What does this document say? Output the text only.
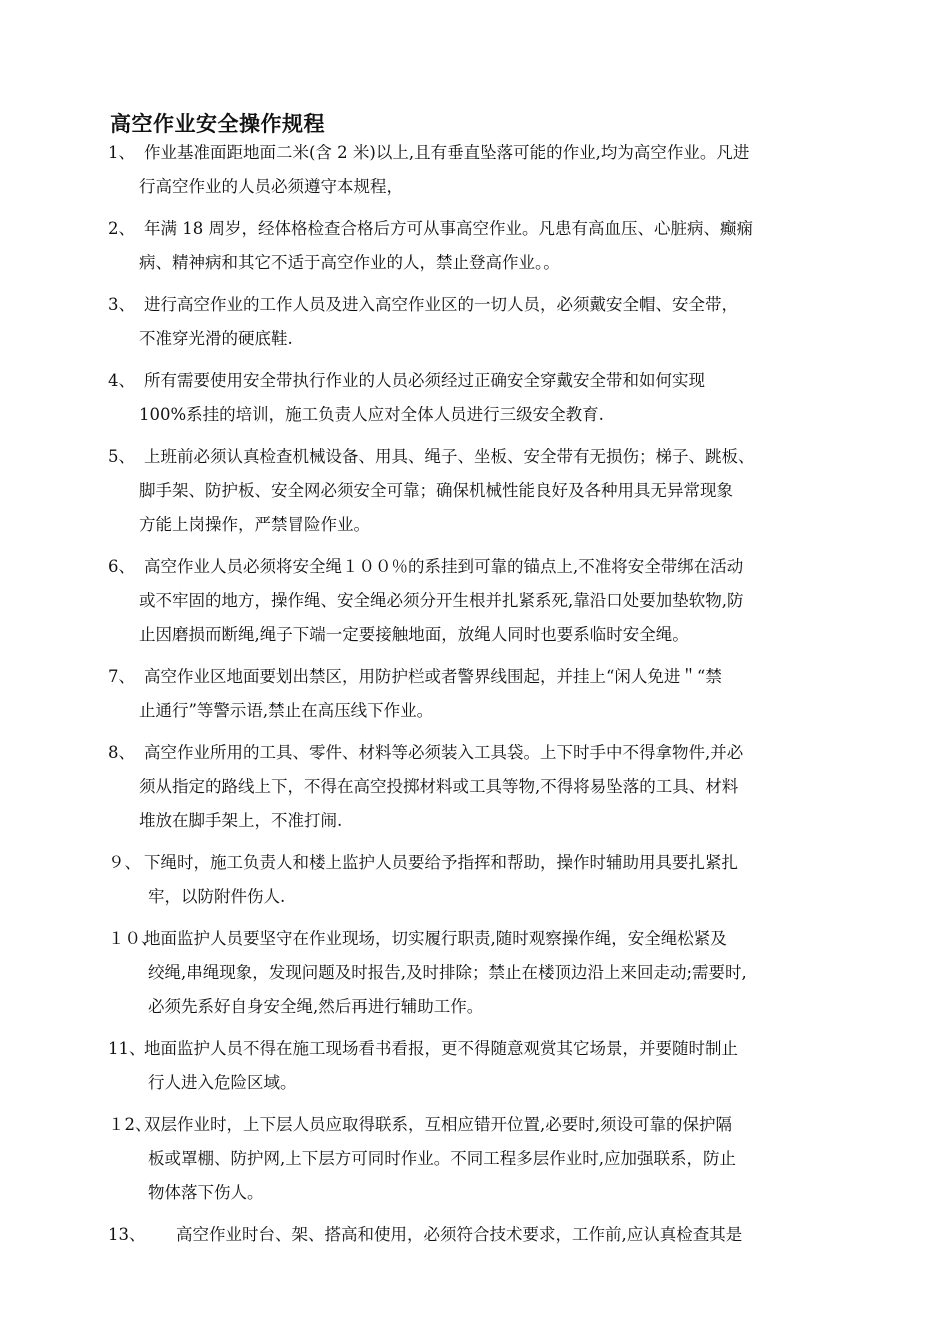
高空作业安全操作规程
1、 作业基准面距地面二米(含 2 米)以上,且有垂直坠落可能的作业,均为高空作业。凡进
行高空作业的人员必须遵守本规程，
2、 年满 18 周岁，经体格检查合格后方可从事高空作业。凡患有高血压、心脏病、癫痫
病、精神病和其它不适于高空作业的人，禁止登高作业。。
3、 进行高空作业的工作人员及进入高空作业区的一切人员，必须戴安全帽、安全带，
不准穿光滑的硬底鞋.
4、 所有需要使用安全带执行作业的人员必须经过正确安全穿戴安全带和如何实现
100%系挂的培训，施工负责人应对全体人员进行三级安全教育.
5、 上班前必须认真检查机械设备、用具、绳子、坐板、安全带有无损伤；梯子、跳板、
脚手架、防护板、安全网必须安全可靠；确保机械性能良好及各种用具无异常现象
方能上岗操作，严禁冒险作业。
6、 高空作业人员必须将安全绳１００％的系挂到可靠的锚点上,不准将安全带绑在活动
或不牢固的地方，操作绳、安全绳必须分开生根并扎紧系死,靠沿口处要加垫软物,防
止因磨损而断绳,绳子下端一定要接触地面，放绳人同时也要系临时安全绳。
7、 高空作业区地面要划出禁区，用防护栏或者警界线围起，并挂上“闲人免进＂“禁
止通行”等警示语,禁止在高压线下作业。
8、 高空作业所用的工具、零件、材料等必须装入工具袋。上下时手中不得拿物件,并必
须从指定的路线上下，不得在高空投掷材料或工具等物,不得将易坠落的工具、材料
堆放在脚手架上，不准打闹.
９、 下绳时，施工负责人和楼上监护人员要给予指挥和帮助，操作时辅助用具要扎紧扎
牢，以防附件伤人.
１０、
地面监护人员要坚守在作业现场，切实履行职责,随时观察操作绳，安全绳松紧及
绞绳,串绳现象，发现问题及时报告,及时排除；禁止在楼顶边沿上来回走动;需要时,
必须先系好自身安全绳,然后再进行辅助工作。
11、
地面监护人员不得在施工现场看书看报，更不得随意观赏其它场景，并要随时制止
行人进入危险区域。
１2、
双层作业时，上下层人员应取得联系，互相应错开位置,必要时,须设可靠的保护隔
板或罩棚、防护网,上下层方可同时作业。不同工程多层作业时,应加强联系，防止
物体落下伤人。
13、	高空作业时台、架、搭高和使用，必须符合技术要求，工作前,应认真检查其是
